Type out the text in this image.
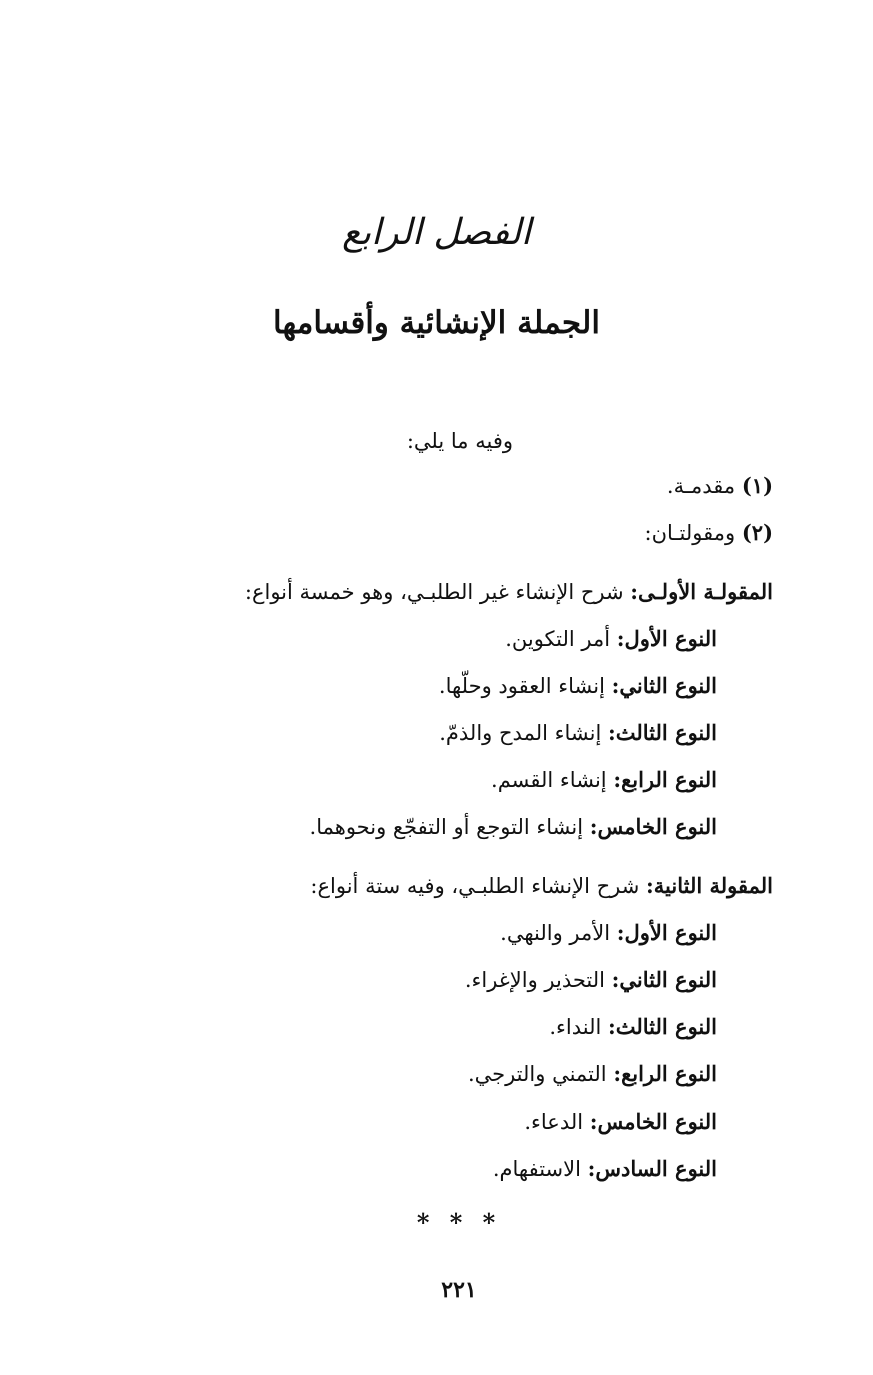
الفصل الرابع
الجملة الإنشائية وأقسامها
وفيه ما يلي:
(١) مقدمـة.
(٢) ومقولتـان:
المقولـة الأولـى: شرح الإنشاء غير الطلبـي، وهو خمسة أنواع:
النوع الأول: أمر التكوين.
النوع الثاني: إنشاء العقود وحلّها.
النوع الثالث: إنشاء المدح والذمّ.
النوع الرابع: إنشاء القسم.
النوع الخامس: إنشاء التوجع أو التفجّع ونحوهما.
المقولة الثانية: شرح الإنشاء الطلبـي، وفيه ستة أنواع:
النوع الأول: الأمر والنهي.
النوع الثاني: التحذير والإغراء.
النوع الثالث: النداء.
النوع الرابع: التمني والترجي.
النوع الخامس: الدعاء.
النوع السادس: الاستفهام.
* * *
٢٢١
